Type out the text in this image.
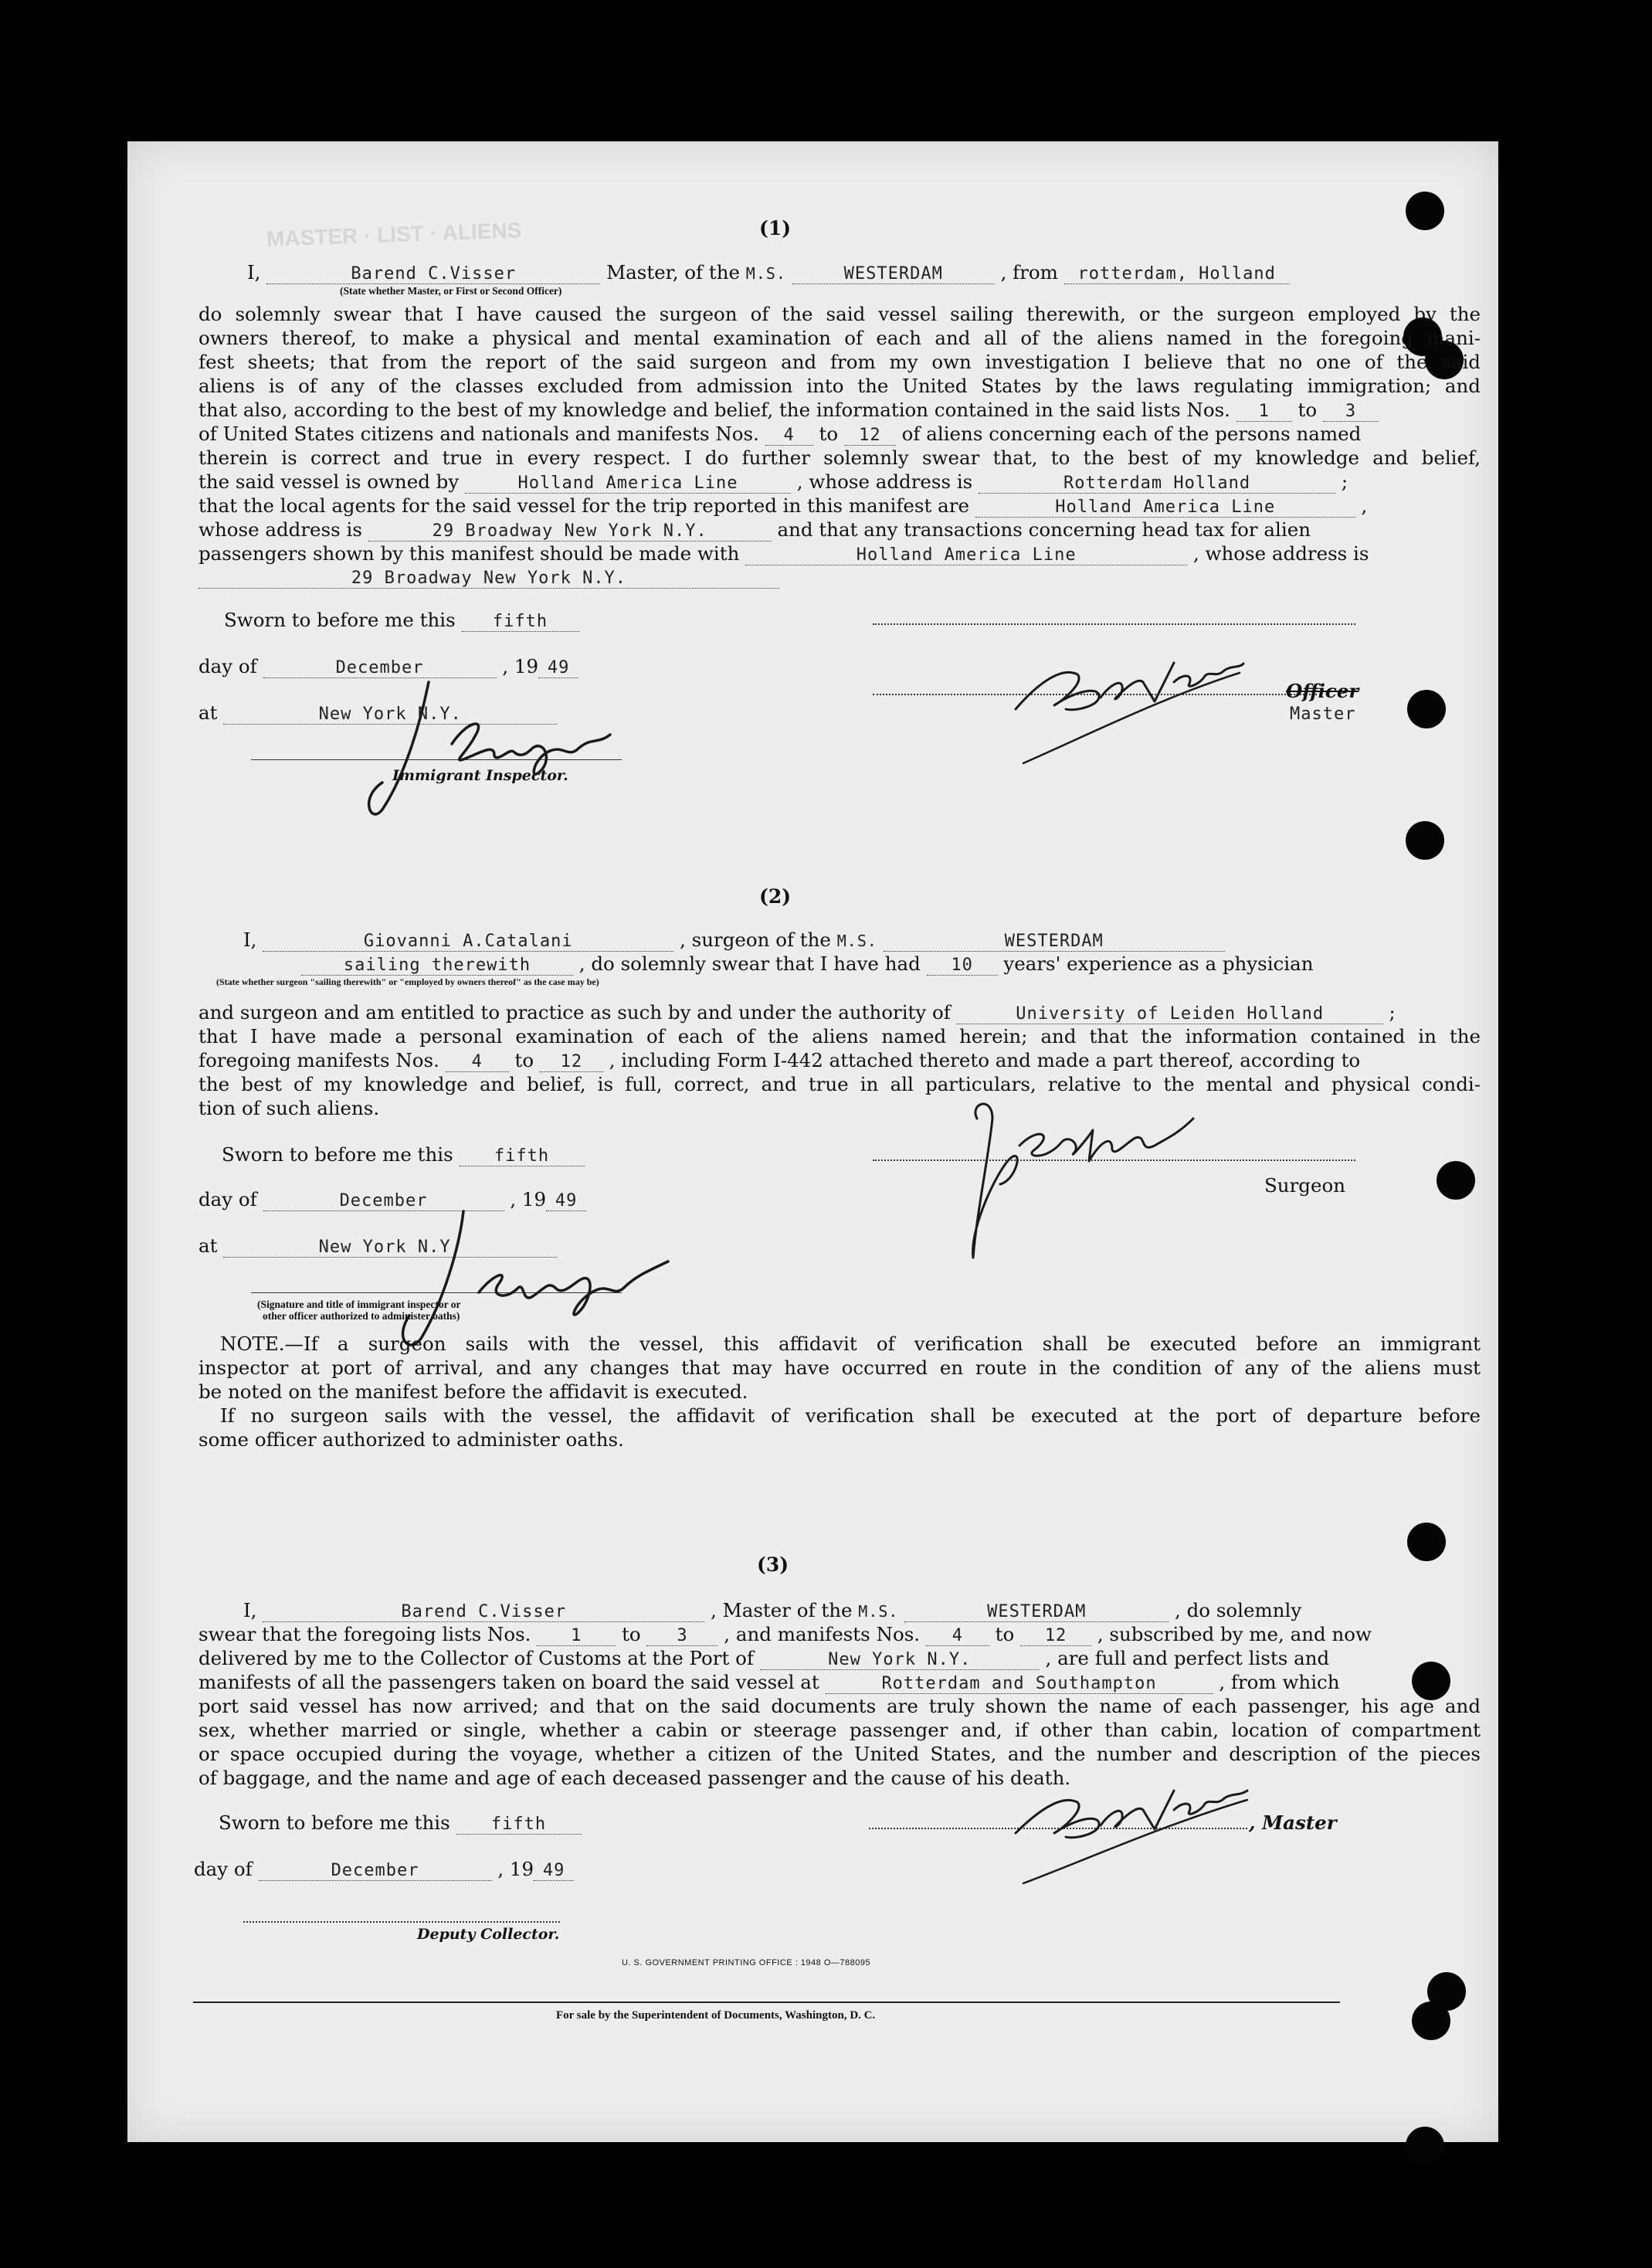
MASTER · LIST · ALIENS	(1)
I,	Barend C.Visser	Master, of the M.S.	WESTERDAM	, from rotterdam, Holland
(State whether Master, or First or Second Officer)
do solemnly swear that I have caused the surgeon of the said vessel sailing therewith, or the surgeon employed by the
owners thereof, to make a physical and mental examination of each and all of the aliens named in the foregoing mani-
fest sheets; that from the report of the said surgeon and from my own investigation I believe that no one of the said
aliens is of any of the classes excluded from admission into the United States by the laws regulating immigration; and
that also, according to the best of my knowledge and belief, the information contained in the said lists Nos. 1 to 3
of United States citizens and nationals and manifests Nos. 4 to 12 of aliens concerning each of the persons named
therein is correct and true in every respect. I do further solemnly swear that, to the best of my knowledge and belief,
the said vessel is owned by	Holland America Line	, whose address is	Rotterdam Holland	;
that the local agents for the said vessel for the trip reported in this manifest are	Holland America Line	,
whose address is	29 Broadway New York N.Y.	and that any transactions concerning head tax for alien
passengers shown by this manifest should be made with	Holland America Line	, whose address is
29 Broadway New York N.Y.
Sworn to before me this fifth
day of	December	, 19 49
at	New York N.Y.
Officer
Master
Immigrant Inspector.
(2)
I,	Giovanni A.Catalani	, surgeon of the M.S.	WESTERDAM
sailing therewith	, do solemnly swear that I have had 10 years' experience as a physician
(State whether surgeon "sailing therewith" or "employed by owners thereof" as the case may be)
and surgeon and am entitled to practice as such by and under the authority of	University of Leiden Holland	;
that I have made a personal examination of each of the aliens named herein; and that the information contained in the
foregoing manifests Nos. 4 to 12 , including Form I-442 attached thereto and made a part thereof, according to
the best of my knowledge and belief, is full, correct, and true in all particulars, relative to the mental and physical condi-
tion of such aliens.
Sworn to before me this fifth
day of	December	, 19 49
Surgeon
at	New York N.Y.
(Signature and title of immigrant inspector or
other officer authorized to administer oaths)
NOTE.—If a surgeon sails with the vessel, this affidavit of verification shall be executed before an immigrant
inspector at port of arrival, and any changes that may have occurred en route in the condition of any of the aliens must
be noted on the manifest before the affidavit is executed.
If no surgeon sails with the vessel, the affidavit of verification shall be executed at the port of departure before
some officer authorized to administer oaths.
(3)
I,	Barend C.Visser	, Master of the M.S.	WESTERDAM	, do solemnly
swear that the foregoing lists Nos. 1 to 3 , and manifests Nos. 4 to 12 , subscribed by me, and now
delivered by me to the Collector of Customs at the Port of	New York N.Y.	, are full and perfect lists and
manifests of all the passengers taken on board the said vessel at	Rotterdam and Southampton	, from which
port said vessel has now arrived; and that on the said documents are truly shown the name of each passenger, his age and
sex, whether married or single, whether a cabin or steerage passenger and, if other than cabin, location of compartment
or space occupied during the voyage, whether a citizen of the United States, and the number and description of the pieces
of baggage, and the name and age of each deceased passenger and the cause of his death.
Sworn to before me this fifth	, Master
day of	December	, 19 49
Deputy Collector.
U. S. GOVERNMENT PRINTING OFFICE : 1948 O—788095
For sale by the Superintendent of Documents, Washington, D. C.
